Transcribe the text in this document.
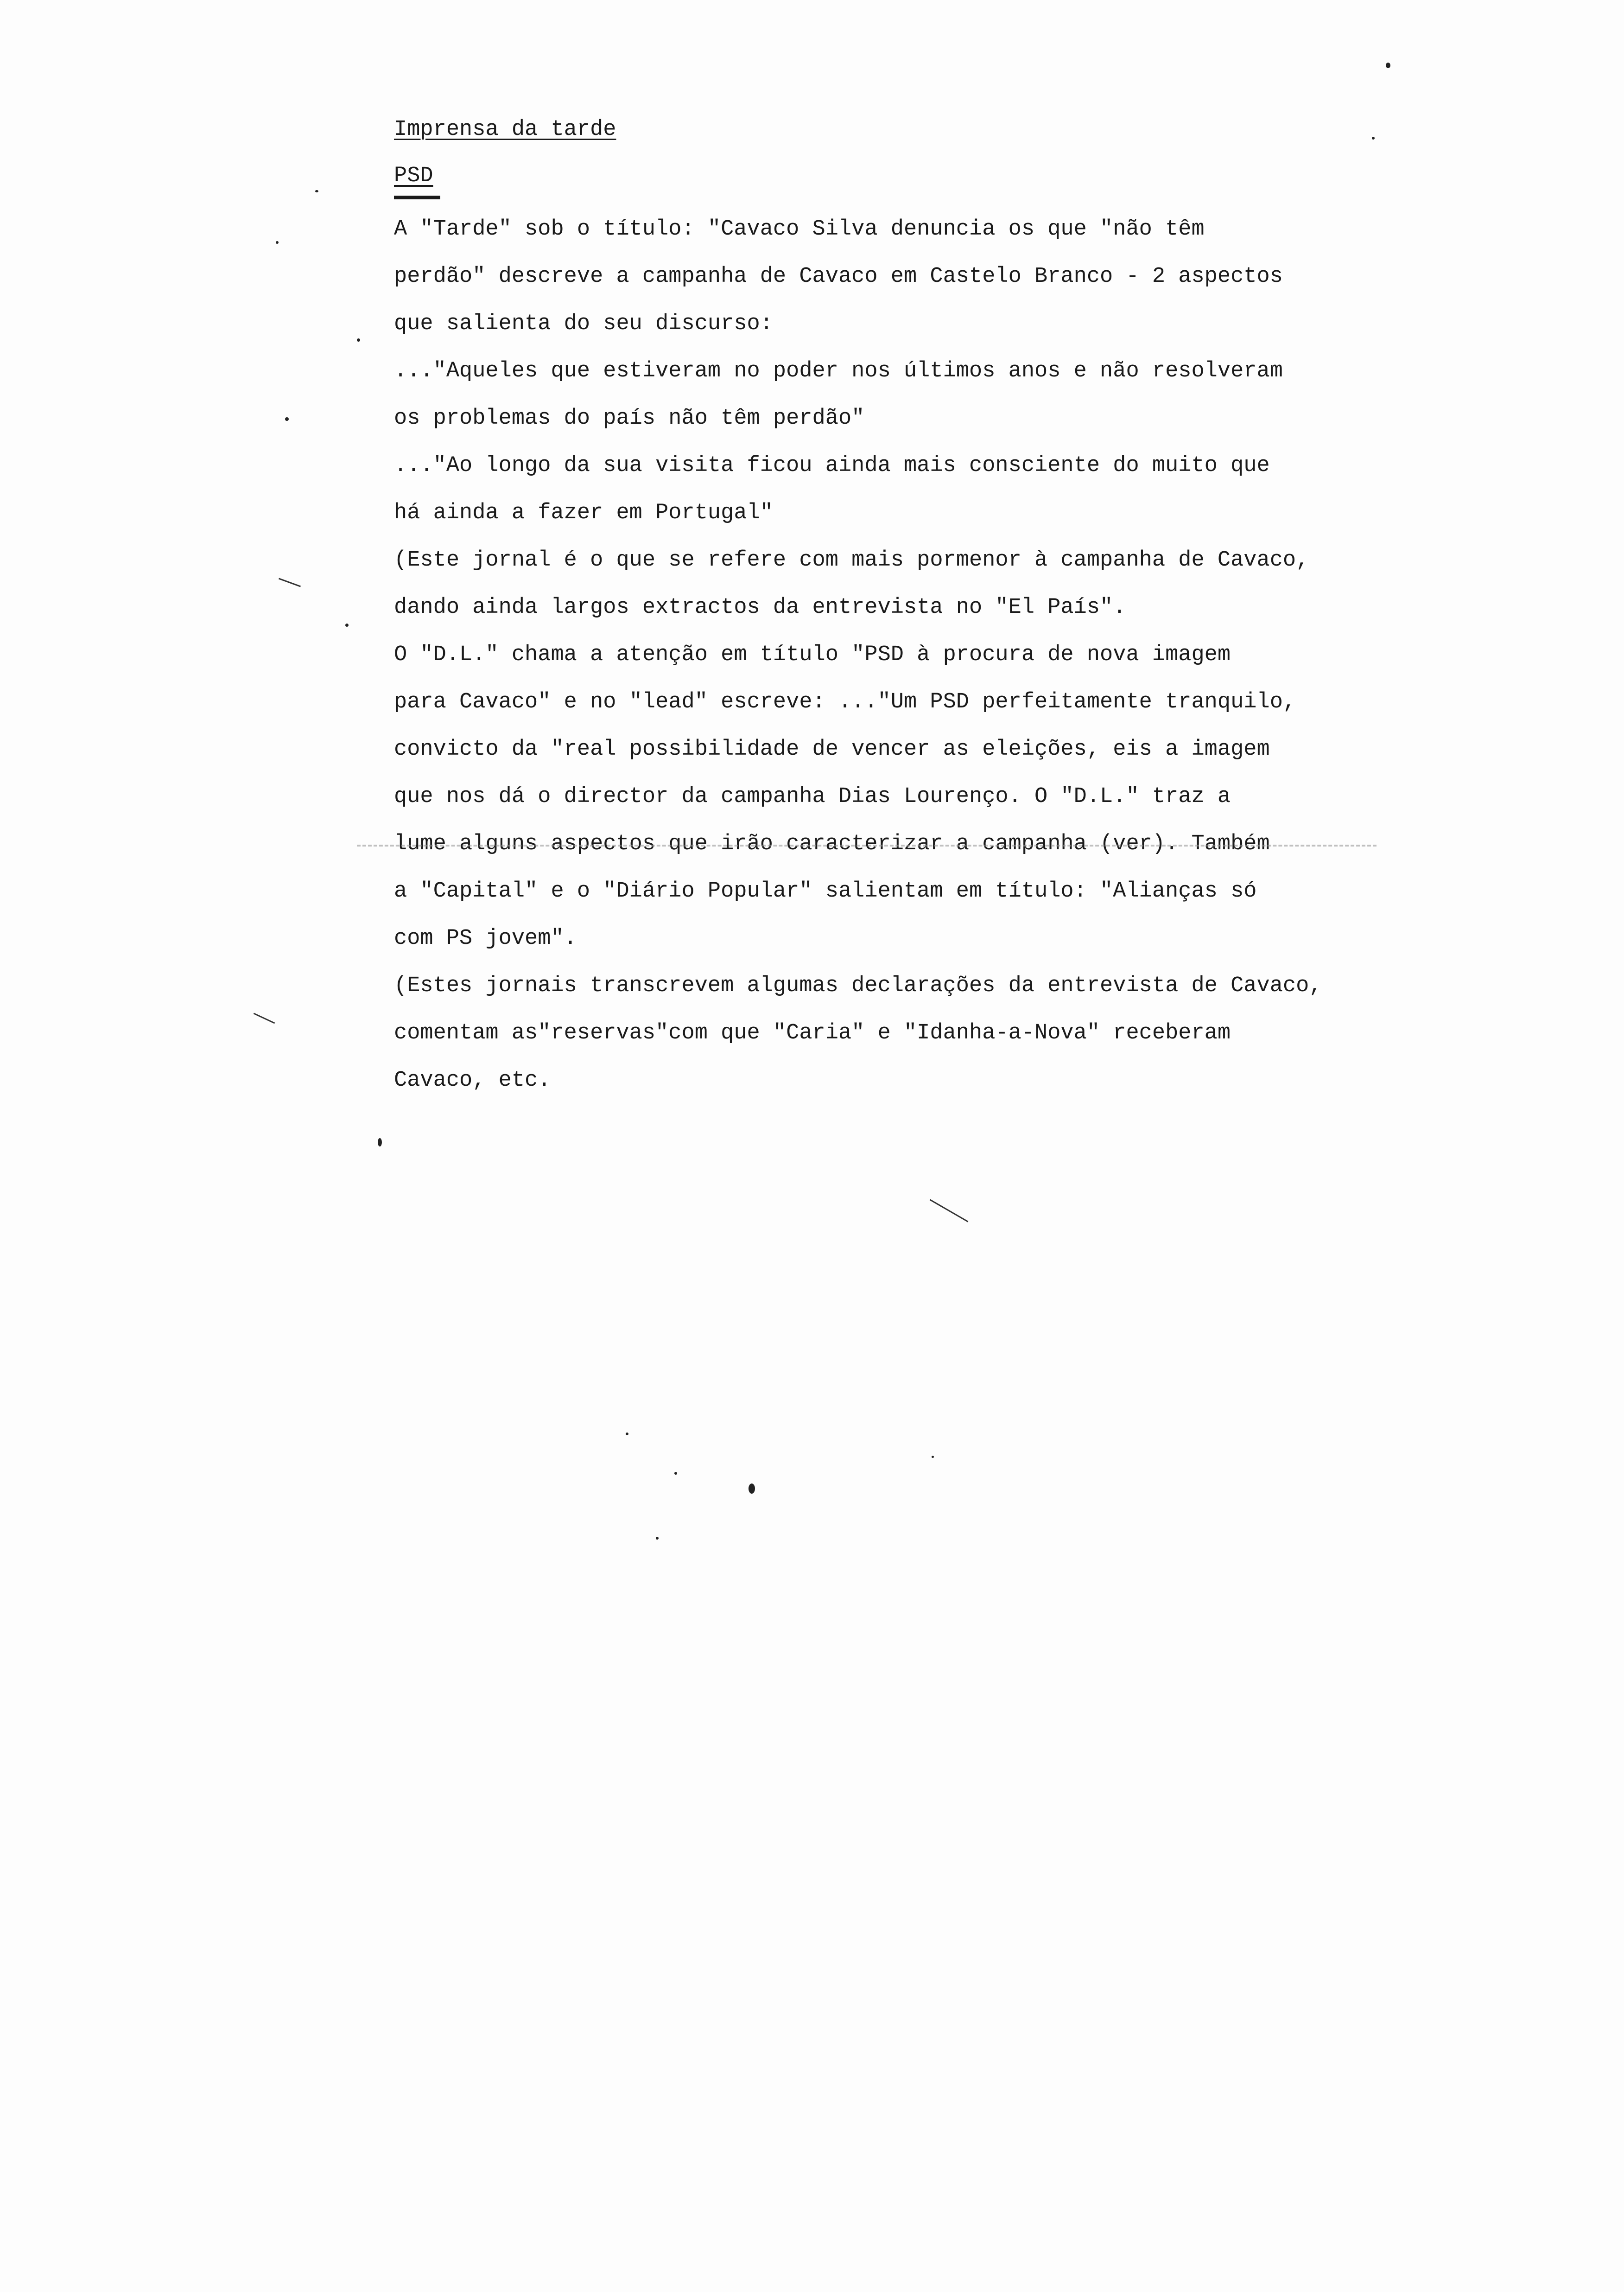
Imprensa da tarde
PSD
A "Tarde" sob o título: "Cavaco Silva denuncia os que "não têm
perdão" descreve a campanha de Cavaco em Castelo Branco - 2 aspectos
que salienta do seu discurso:
..."Aqueles que estiveram no poder nos últimos anos e não resolveram
os problemas do país não têm perdão"
..."Ao longo da sua visita ficou ainda mais consciente do muito que
há ainda a fazer em Portugal"
(Este jornal é o que se refere com mais pormenor à campanha de Cavaco,
dando ainda largos extractos da entrevista no "El País".
O "D.L." chama a atenção em título "PSD à procura de nova imagem
para Cavaco" e no "lead" escreve: ..."Um PSD perfeitamente tranquilo,
convicto da "real possibilidade de vencer as eleições, eis a imagem
que nos dá o director da campanha Dias Lourenço. O "D.L." traz a
lume alguns aspectos que irão caracterizar a campanha (ver). Também
a "Capital" e o "Diário Popular" salientam em título: "Alianças só
com PS jovem".
(Estes jornais transcrevem algumas declarações da entrevista de Cavaco,
comentam as"reservas"com que "Caria" e "Idanha-a-Nova" receberam
Cavaco, etc.
